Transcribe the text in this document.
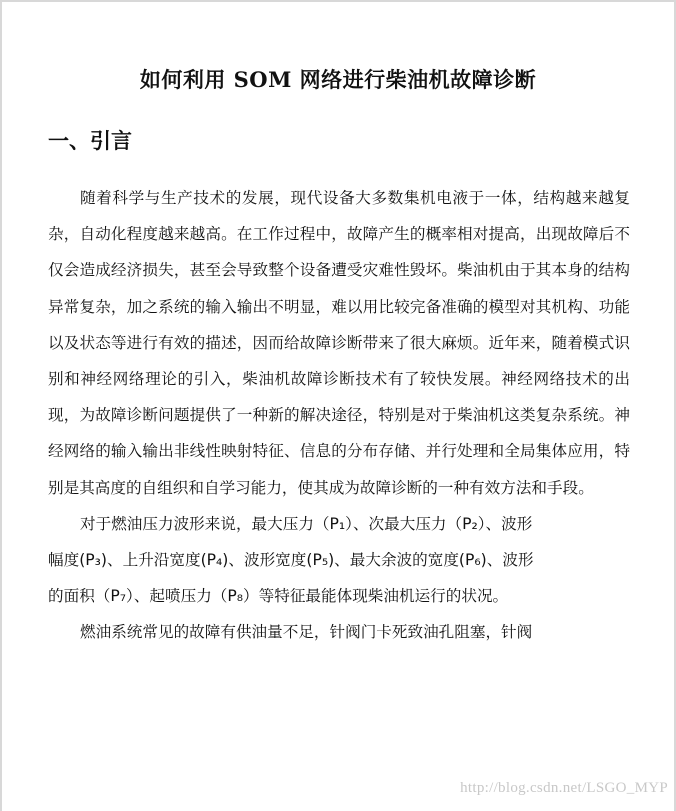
如何利用 SOM 网络进行柴油机故障诊断
一、引言

随着科学与生产技术的发展，现代设备大多数集机电液于一体，结构越来越复杂，自动化程度越来越高。在工作过程中，故障产生的概率相对提高，出现故障后不仅会造成经济损失，甚至会导致整个设备遭受灾难性毁坏。柴油机由于其本身的结构异常复杂，加之系统的输入输出不明显，难以用比较完备准确的模型对其机构、功能以及状态等进行有效的描述，因而给故障诊断带来了很大麻烦。近年来，随着模式识别和神经网络理论的引入，柴油机故障诊断技术有了较快发展。神经网络技术的出现，为故障诊断问题提供了一种新的解决途径，特别是对于柴油机这类复杂系统。神经网络的输入输出非线性映射特征、信息的分布存储、并行处理和全局集体应用，特别是其高度的自组织和自学习能力，使其成为故障诊断的一种有效方法和手段。

对于燃油压力波形来说，最大压力（P₁）、次最大压力（P₂）、波形

幅度(P₃)、上升沿宽度(P₄)、波形宽度(P₅)、最大余波的宽度(P₆)、波形

的面积（P₇）、起喷压力（P₈）等特征最能体现柴油机运行的状况。

燃油系统常见的故障有供油量不足，针阀门卡死致油孔阻塞，针阀

http://blog.csdn.net/LSGO_MYP
